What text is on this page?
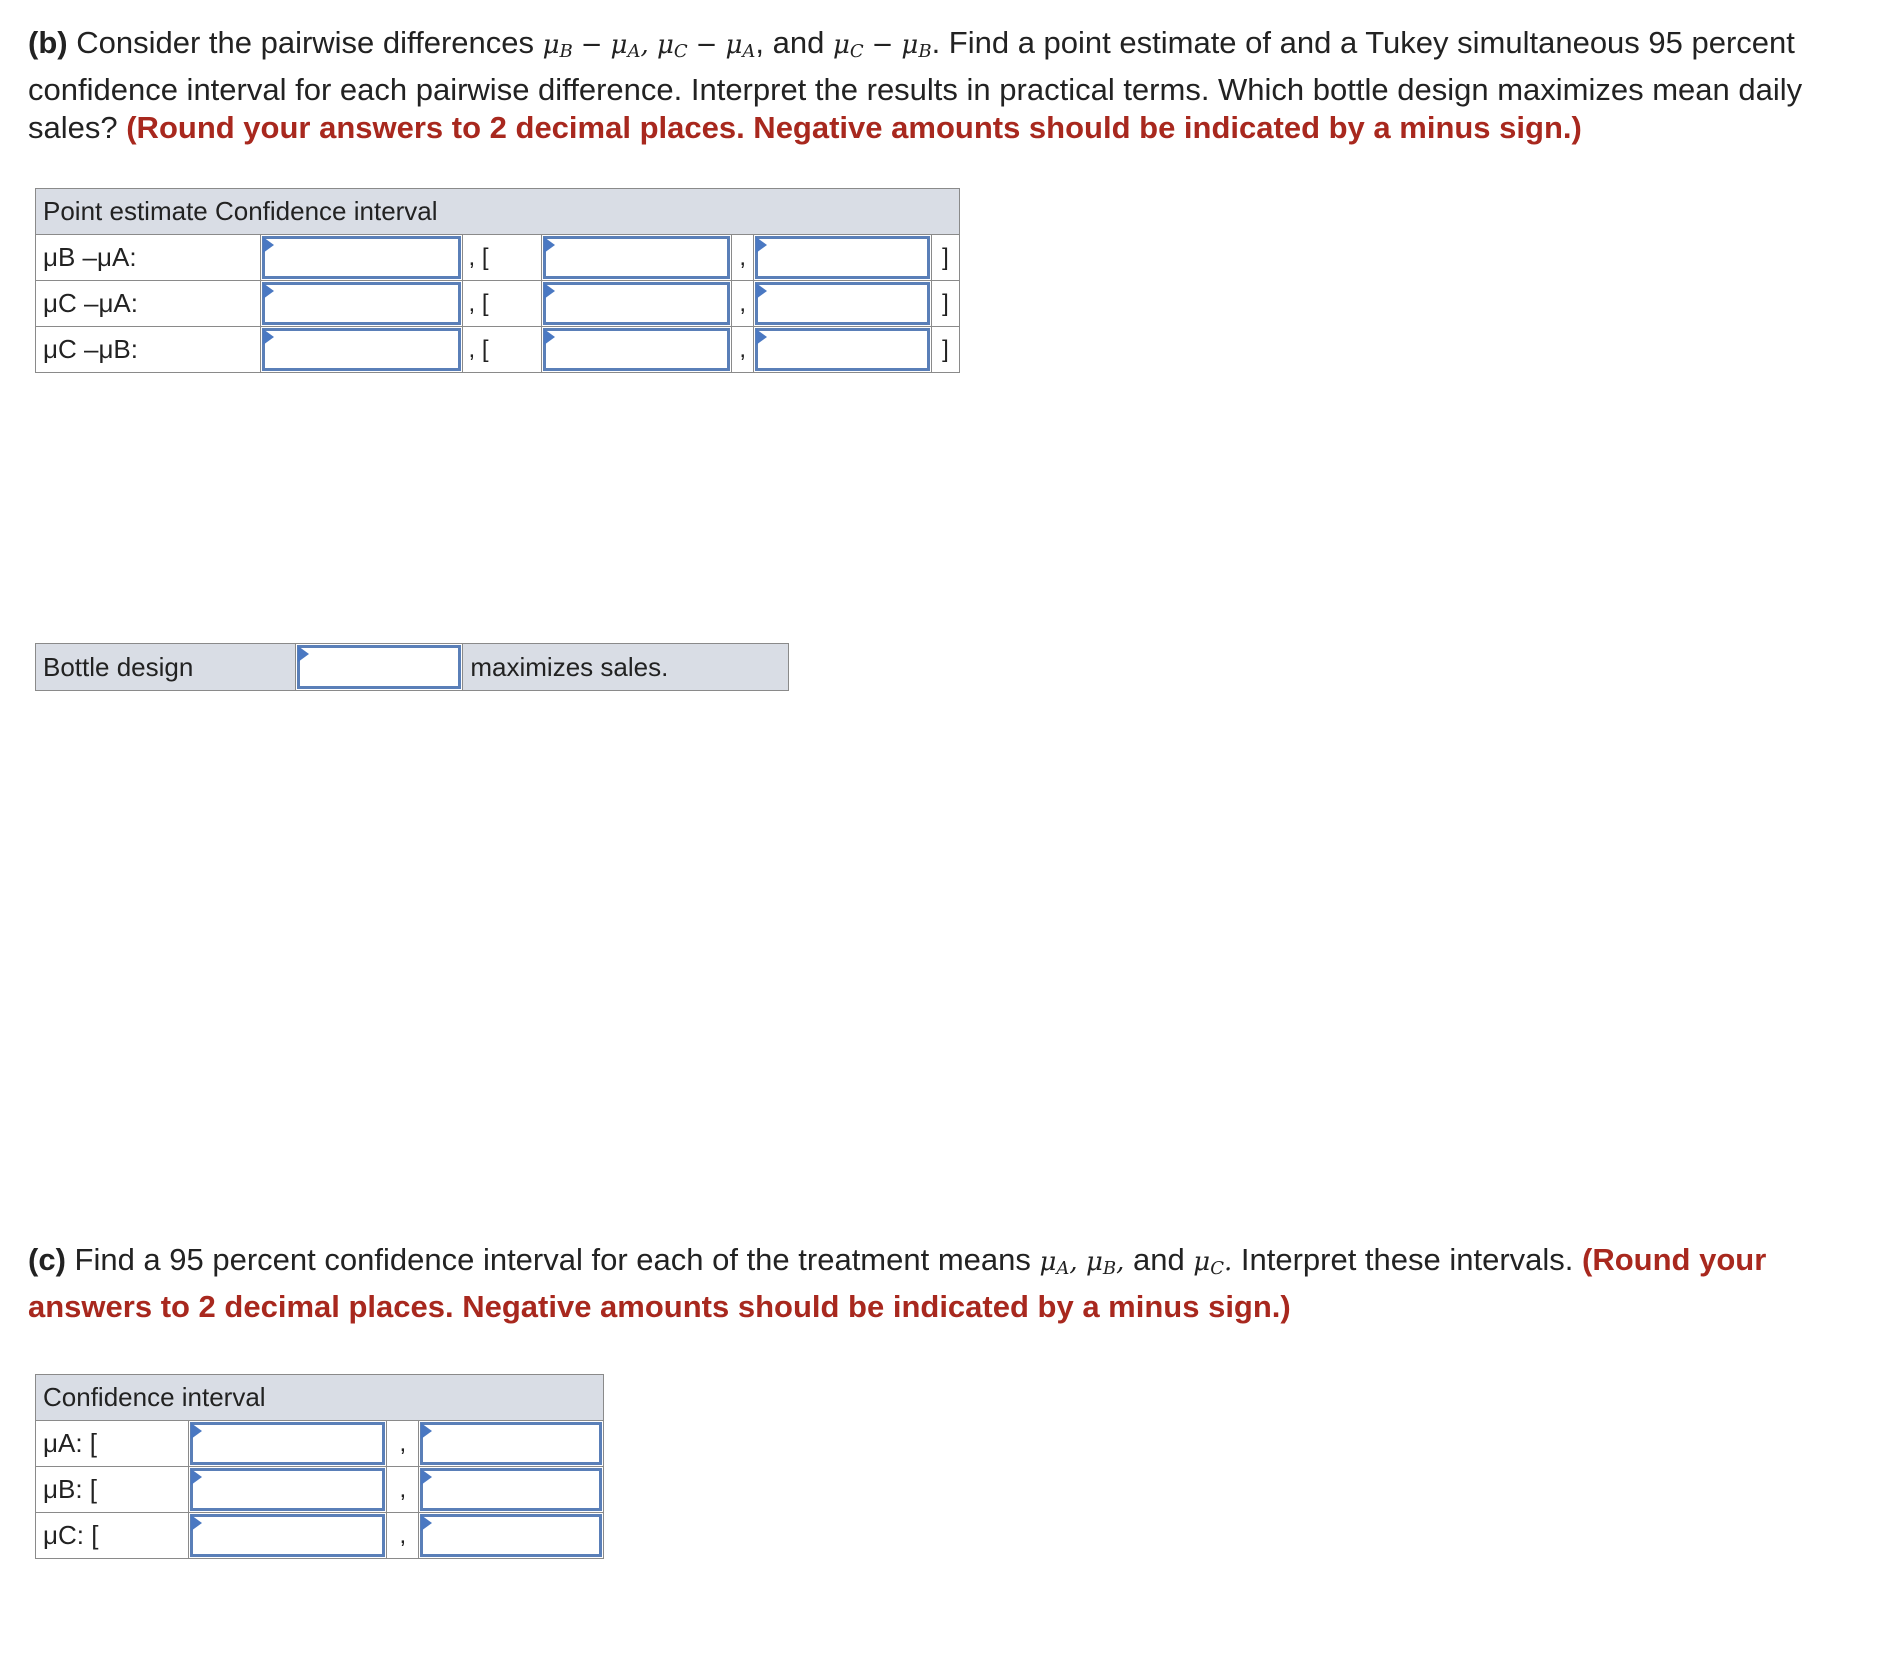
(b) Consider the pairwise differences $\mu_B - \mu_A$, $\mu_C - \mu_A$, and $\mu_C - \mu_B$. Find a point estimate of and a Tukey simultaneous 95 percent confidence interval for each pairwise difference. Interpret the results in practical terms. Which bottle design maximizes mean daily sales? (Round your answers to 2 decimal places. Negative amounts should be indicated by a minus sign.)
Point estimate Confidence interval						
μB –μA:		, [		,		]
μC –μA:		, [		,		]
μC –μB:		, [		,		]
Bottle design		maximizes sales.
(c) Find a 95 percent confidence interval for each of the treatment means $\mu_A$, $\mu_B$, and $\mu_C$. Interpret these intervals. (Round your answers to 2 decimal places. Negative amounts should be indicated by a minus sign.)
Confidence interval			
μA: [		,	

μB: [		,	

μC: [		,	
